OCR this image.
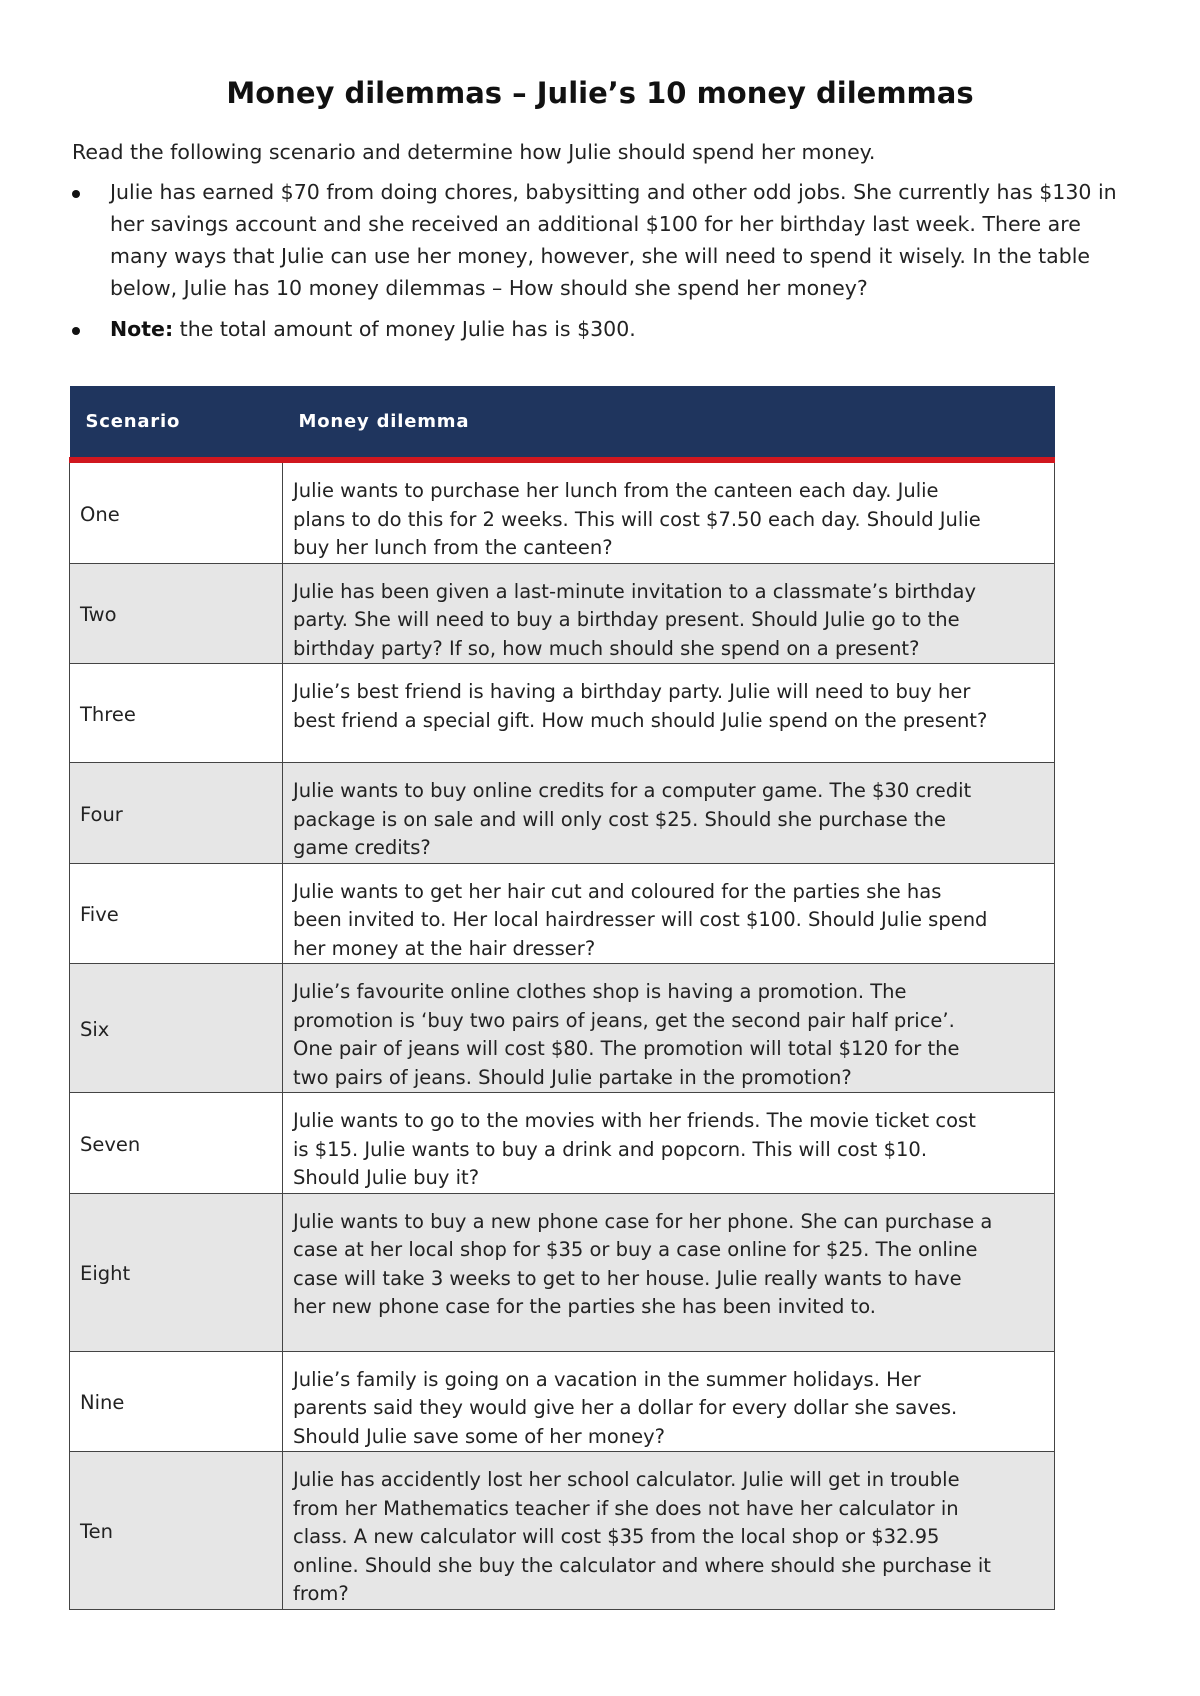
Money dilemmas – Julie’s 10 money dilemmas

Read the following scenario and determine how Julie should spend her money.

Julie has earned $70 from doing chores, babysitting and other odd jobs. She currently has $130 in her savings account and she received an additional $100 for her birthday last week. There are many ways that Julie can use her money, however, she will need to spend it wisely. In the table below, Julie has 10 money dilemmas – How should she spend her money?
Note: the total amount of money Julie has is $300.
Scenario	Money dilemma
One	Julie wants to purchase her lunch from the canteen each day. Julie plans to do this for 2 weeks. This will cost $7.50 each day. Should Julie buy her lunch from the canteen?
Two	Julie has been given a last-minute invitation to a classmate’s birthday party. She will need to buy a birthday present. Should Julie go to the birthday party? If so, how much should she spend on a present?
Three	Julie’s best friend is having a birthday party. Julie will need to buy her best friend a special gift. How much should Julie spend on the present?
Four	Julie wants to buy online credits for a computer game. The $30 credit package is on sale and will only cost $25. Should she purchase the game credits?
Five	Julie wants to get her hair cut and coloured for the parties she has been invited to. Her local hairdresser will cost $100. Should Julie spend her money at the hair dresser?
Six	Julie’s favourite online clothes shop is having a promotion. The promotion is ‘buy two pairs of jeans, get the second pair half price’. One pair of jeans will cost $80. The promotion will total $120 for the two pairs of jeans. Should Julie partake in the promotion?
Seven	Julie wants to go to the movies with her friends. The movie ticket cost is $15. Julie wants to buy a drink and popcorn. This will cost $10. Should Julie buy it?
Eight	Julie wants to buy a new phone case for her phone. She can purchase a case at her local shop for $35 or buy a case online for $25. The online case will take 3 weeks to get to her house. Julie really wants to have her new phone case for the parties she has been invited to.
Nine	Julie’s family is going on a vacation in the summer holidays. Her parents said they would give her a dollar for every dollar she saves. Should Julie save some of her money?
Ten	Julie has accidently lost her school calculator. Julie will get in trouble from her Mathematics teacher if she does not have her calculator in class. A new calculator will cost $35 from the local shop or $32.95 online. Should she buy the calculator and where should she purchase it from?
